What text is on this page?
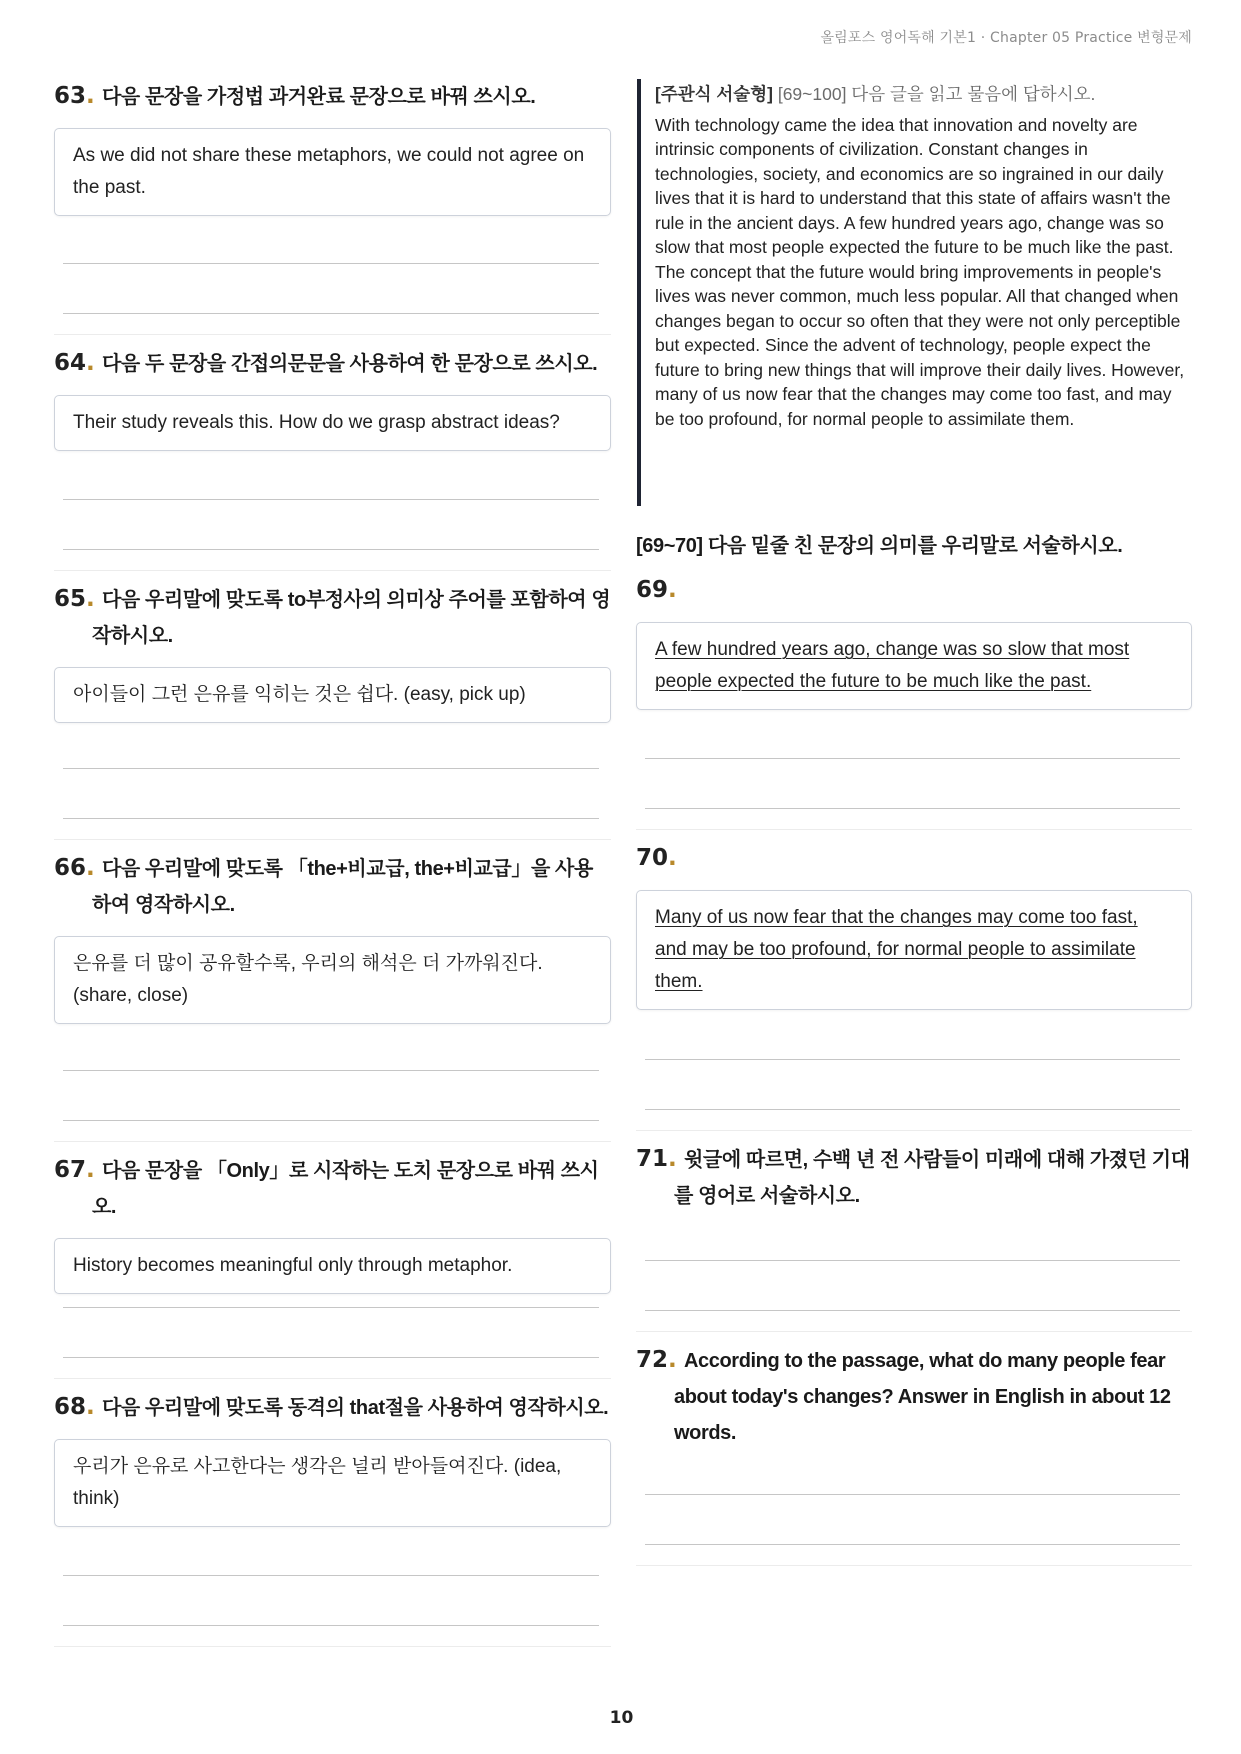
올림포스 영어독해 기본1 · Chapter 05 Practice 변형문제
63. 다음 문장을 가정법 과거완료 문장으로 바꿔 쓰시오.
As we did not share these metaphors, we could not agree on the past.
64. 다음 두 문장을 간접의문문을 사용하여 한 문장으로 쓰시오.
Their study reveals this. How do we grasp abstract ideas?
65. 다음 우리말에 맞도록 to부정사의 의미상 주어를 포함하여 영작하시오.
아이들이 그런 은유를 익히는 것은 쉽다. (easy, pick up)
66. 다음 우리말에 맞도록 「the+비교급, the+비교급」을 사용하여 영작하시오.
은유를 더 많이 공유할수록, 우리의 해석은 더 가까워진다. (share, close)
67. 다음 문장을 「Only」로 시작하는 도치 문장으로 바꿔 쓰시오.
History becomes meaningful only through metaphor.
68. 다음 우리말에 맞도록 동격의 that절을 사용하여 영작하시오.
우리가 은유로 사고한다는 생각은 널리 받아들여진다. (idea, think)
[주관식 서술형] [69~100] 다음 글을 읽고 물음에 답하시오.

With technology came the idea that innovation and novelty are intrinsic components of civilization. Constant changes in technologies, society, and economics are so ingrained in our daily lives that it is hard to understand that this state of affairs wasn't the rule in the ancient days. A few hundred years ago, change was so slow that most people expected the future to be much like the past. The concept that the future would bring improvements in people's lives was never common, much less popular. All that changed when changes began to occur so often that they were not only perceptible but expected. Since the advent of technology, people expect the future to bring new things that will improve their daily lives. However, many of us now fear that the changes may come too fast, and may be too profound, for normal people to assimilate them.

[69~70] 다음 밑줄 친 문장의 의미를 우리말로 서술하시오.
69.
A few hundred years ago, change was so slow that most people expected the future to be much like the past.
70.
Many of us now fear that the changes may come too fast, and may be too profound, for normal people to assimilate them.
71. 윗글에 따르면, 수백 년 전 사람들이 미래에 대해 가졌던 기대를 영어로 서술하시오.
72. According to the passage, what do many people fear about today's changes? Answer in English in about 12 words.
10
